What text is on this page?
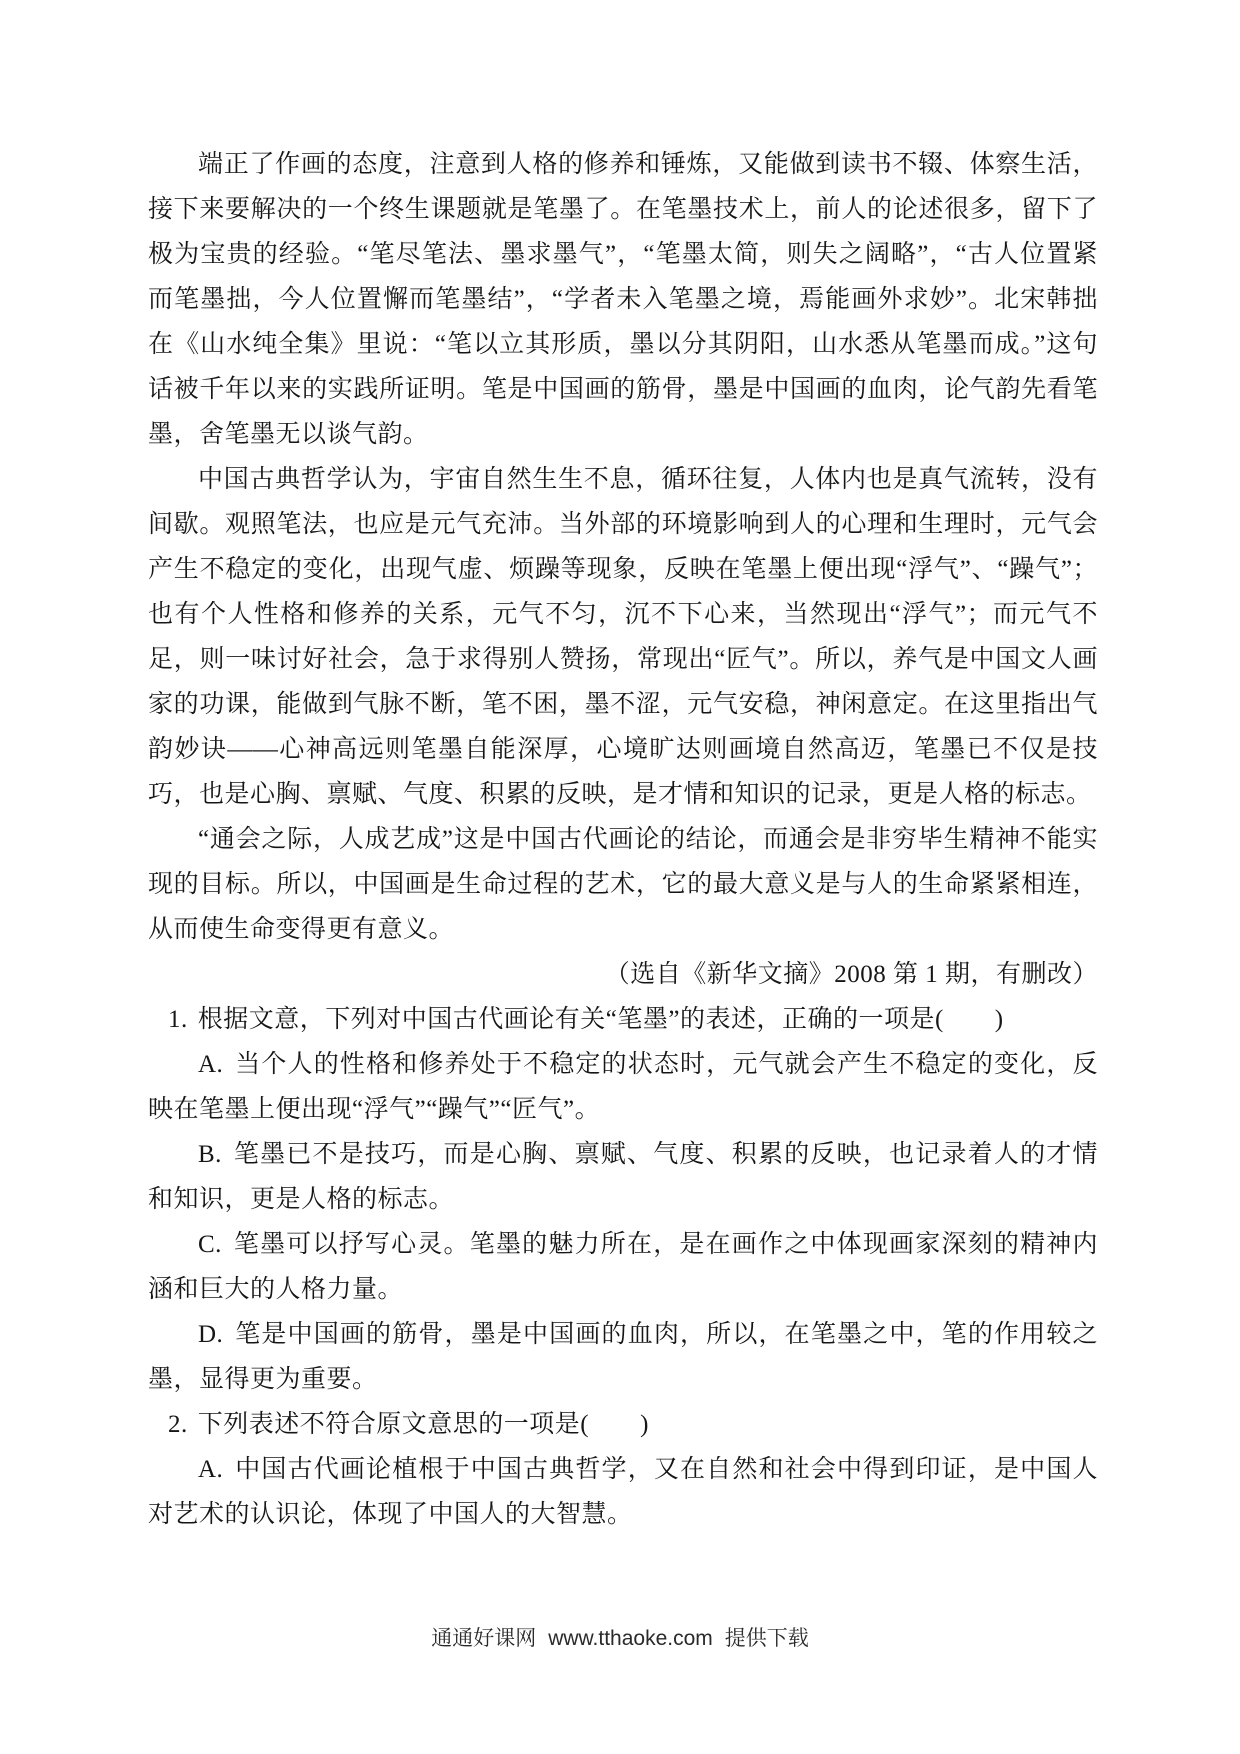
端正了作画的态度，注意到人格的修养和锤炼，又能做到读书不辍、体察生活，接下来要解决的一个终生课题就是笔墨了。在笔墨技术上，前人的论述很多，留下了极为宝贵的经验。“笔尽笔法、墨求墨气”，“笔墨太简，则失之阔略”，“古人位置紧而笔墨拙，今人位置懈而笔墨结”，“学者未入笔墨之境，焉能画外求妙”。北宋韩拙在《山水纯全集》里说：“笔以立其形质，墨以分其阴阳，山水悉从笔墨而成。”这句话被千年以来的实践所证明。笔是中国画的筋骨，墨是中国画的血肉，论气韵先看笔墨，舍笔墨无以谈气韵。

中国古典哲学认为，宇宙自然生生不息，循环往复，人体内也是真气流转，没有间歇。观照笔法，也应是元气充沛。当外部的环境影响到人的心理和生理时，元气会产生不稳定的变化，出现气虚、烦躁等现象，反映在笔墨上便出现“浮气”、“躁气”；也有个人性格和修养的关系，元气不匀，沉不下心来，当然现出“浮气”；而元气不足，则一味讨好社会，急于求得别人赞扬，常现出“匠气”。所以，养气是中国文人画家的功课，能做到气脉不断，笔不困，墨不涩，元气安稳，神闲意定。在这里指出气韵妙诀——心神高远则笔墨自能深厚，心境旷达则画境自然高迈，笔墨已不仅是技巧，也是心胸、禀赋、气度、积累的反映，是才情和知识的记录，更是人格的标志。

“通会之际，人成艺成”这是中国古代画论的结论，而通会是非穷毕生精神不能实现的目标。所以，中国画是生命过程的艺术，它的最大意义是与人的生命紧紧相连，从而使生命变得更有意义。

（选自《新华文摘》2008 第 1 期，有删改）

1. 根据文意，下列对中国古代画论有关“笔墨”的表述，正确的一项是(　　)

A. 当个人的性格和修养处于不稳定的状态时，元气就会产生不稳定的变化，反映在笔墨上便出现“浮气”“躁气”“匠气”。

B. 笔墨已不是技巧，而是心胸、禀赋、气度、积累的反映，也记录着人的才情和知识，更是人格的标志。

C. 笔墨可以抒写心灵。笔墨的魅力所在，是在画作之中体现画家深刻的精神内涵和巨大的人格力量。

D. 笔是中国画的筋骨，墨是中国画的血肉，所以，在笔墨之中，笔的作用较之墨，显得更为重要。

2. 下列表述不符合原文意思的一项是(　　)

A. 中国古代画论植根于中国古典哲学，又在自然和社会中得到印证，是中国人对艺术的认识论，体现了中国人的大智慧。

通通好课网 www.tthaoke.com 提供下载
